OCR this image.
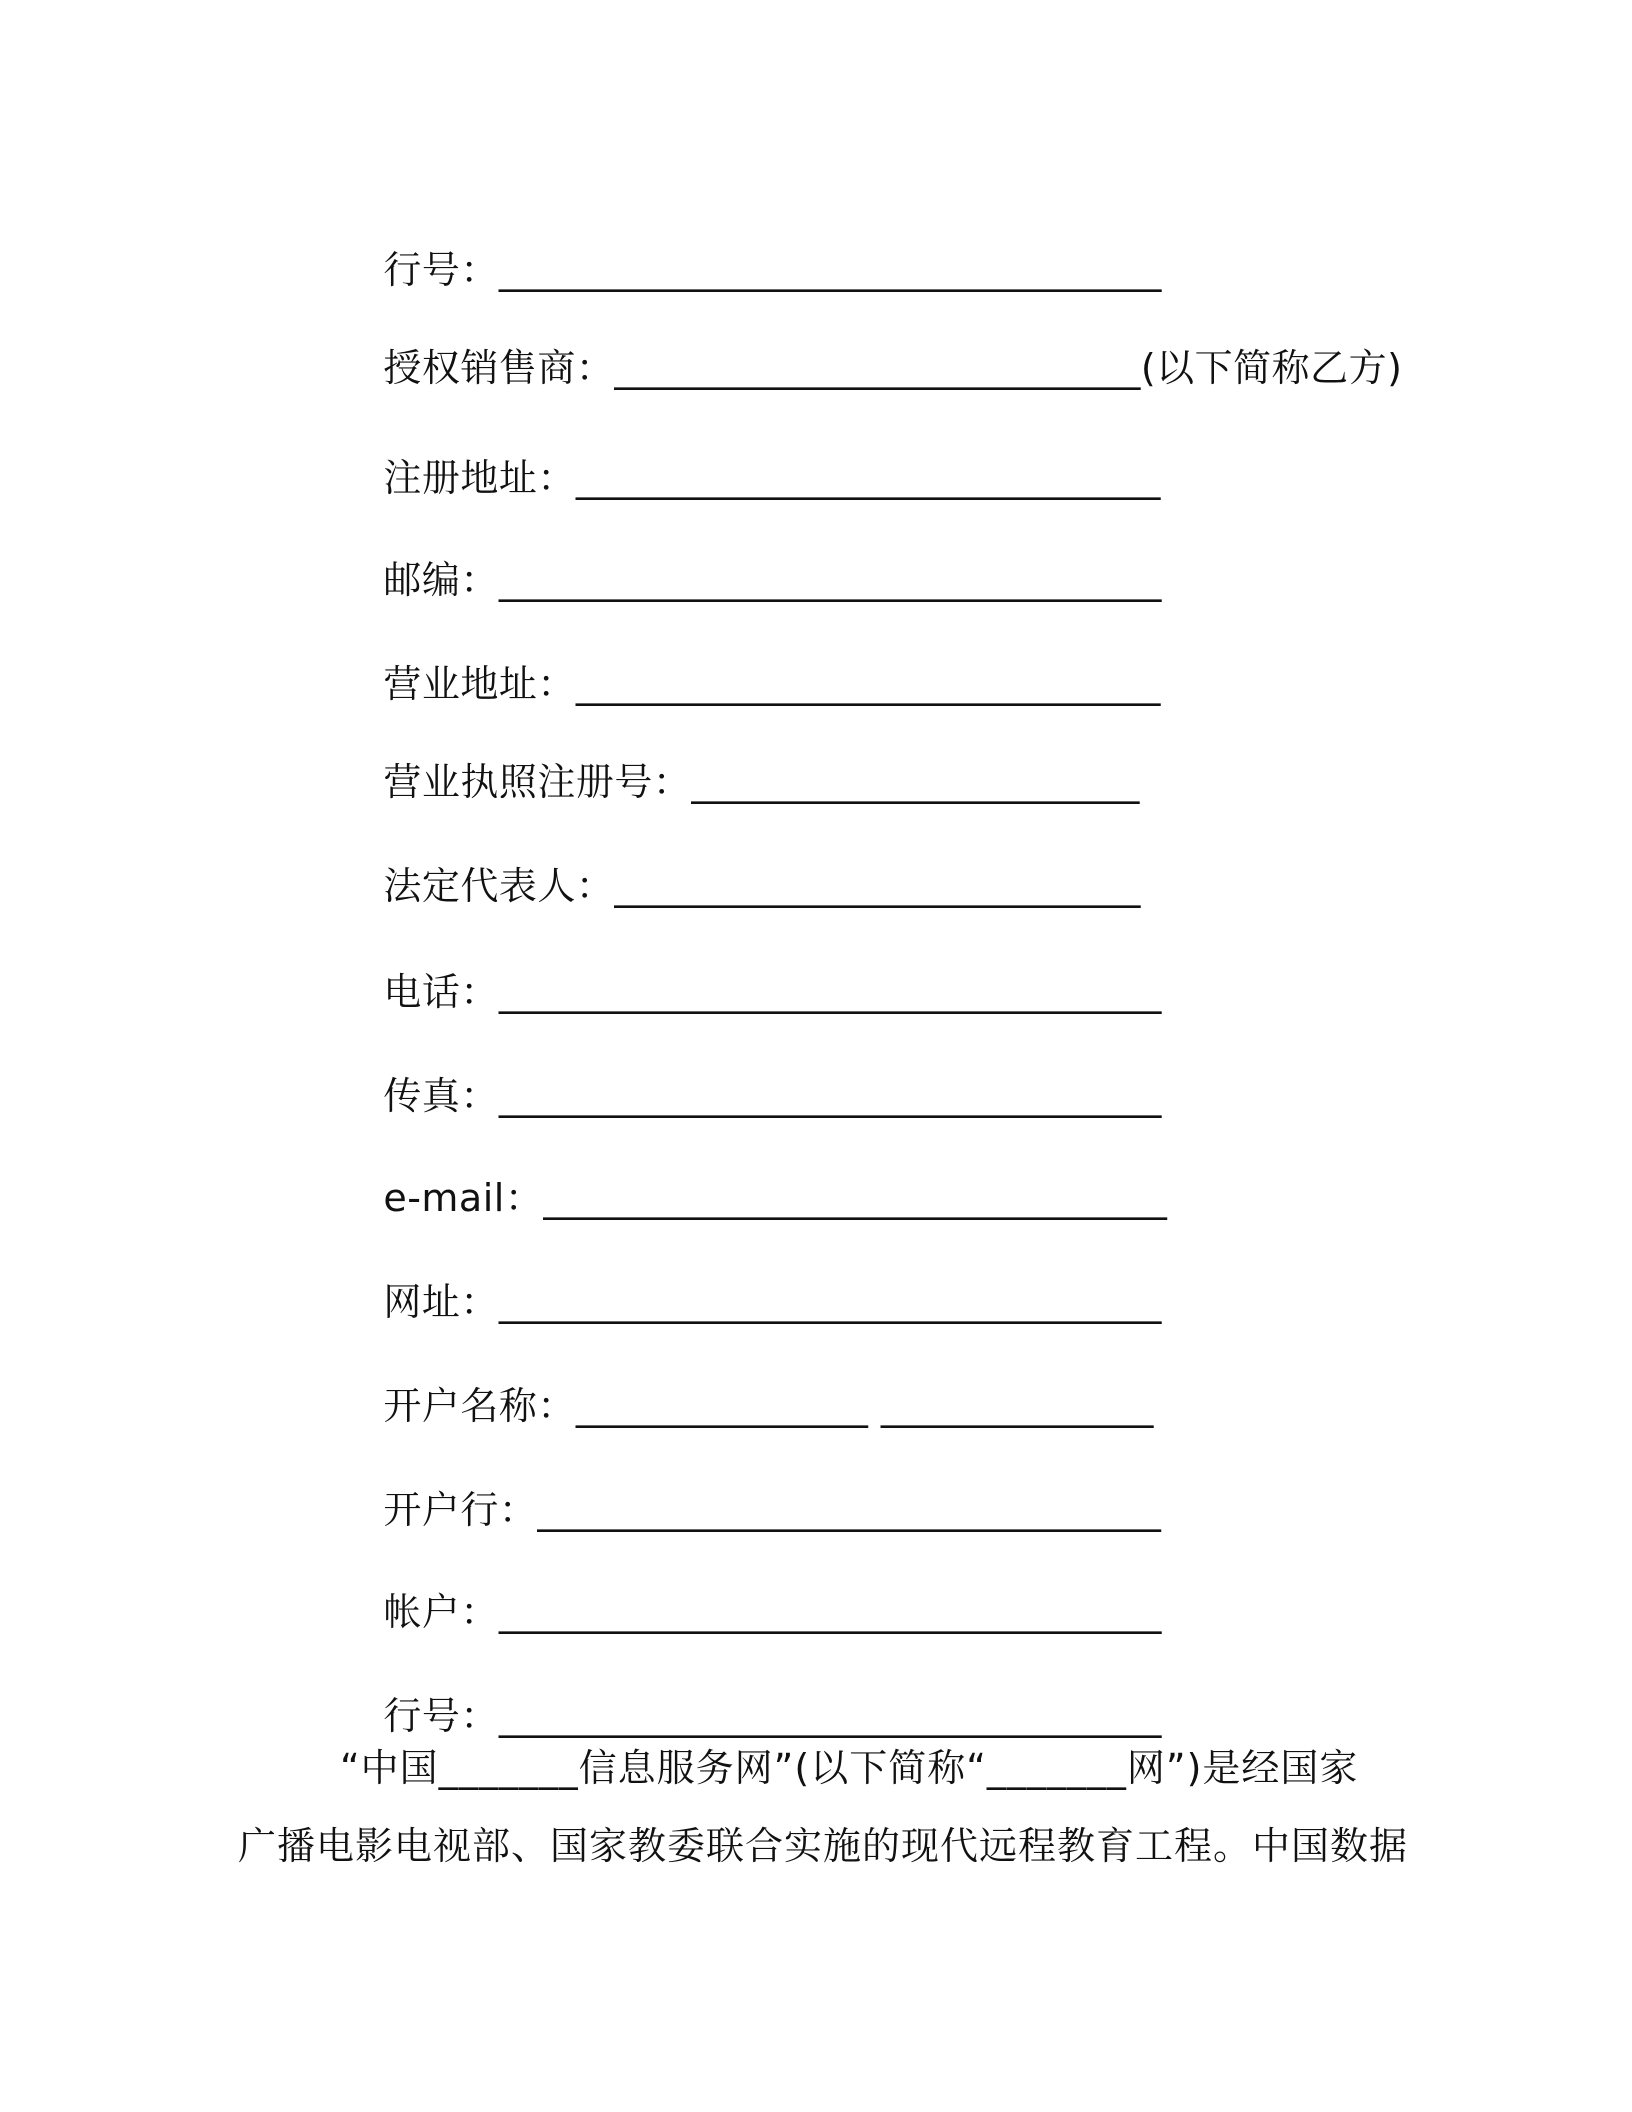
行号：__________________________________

授权销售商：___________________________(以下简称乙方)

注册地址：______________________________

邮编：__________________________________

营业地址：______________________________

营业执照注册号：_______________________

法定代表人：___________________________

电话：__________________________________

传真：__________________________________

e-mail：________________________________

网址：__________________________________

开户名称：_______________ ______________

开户行：________________________________

帐户：__________________________________

行号：__________________________________

“中国_______信息服务网”(以下简称“_______网”)是经国家
广播电影电视部、国家教委联合实施的现代远程教育工程。中国数据
